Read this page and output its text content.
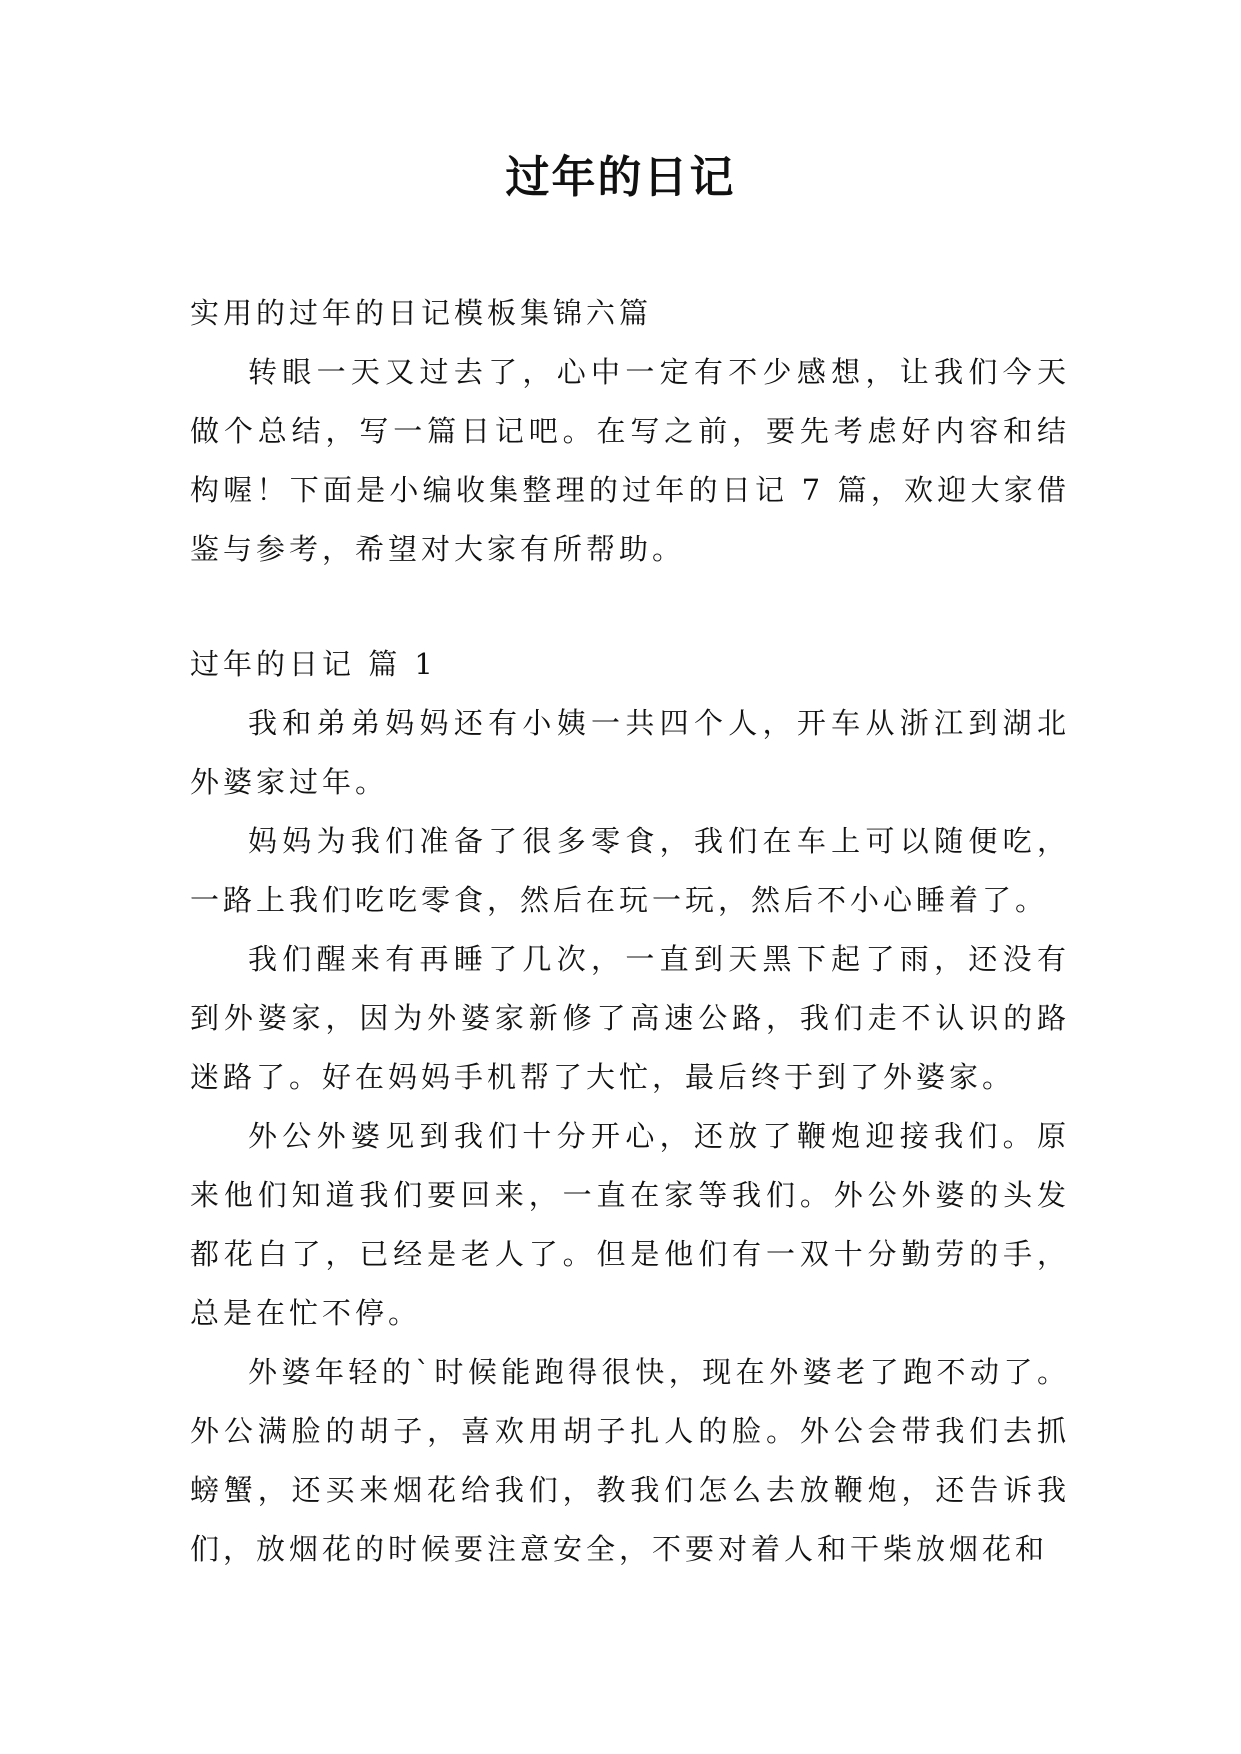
过年的日记

实用的过年的日记模板集锦六篇

转眼一天又过去了，心中一定有不少感想，让我们今天做个总结，写一篇日记吧。在写之前，要先考虑好内容和结构喔！下面是小编收集整理的过年的日记 7 篇，欢迎大家借鉴与参考，希望对大家有所帮助。

过年的日记 篇 1

我和弟弟妈妈还有小姨一共四个人，开车从浙江到湖北外婆家过年。

妈妈为我们准备了很多零食，我们在车上可以随便吃，一路上我们吃吃零食，然后在玩一玩，然后不小心睡着了。

我们醒来有再睡了几次，一直到天黑下起了雨，还没有到外婆家，因为外婆家新修了高速公路，我们走不认识的路迷路了。好在妈妈手机帮了大忙，最后终于到了外婆家。

外公外婆见到我们十分开心，还放了鞭炮迎接我们。原来他们知道我们要回来，一直在家等我们。外公外婆的头发都花白了，已经是老人了。但是他们有一双十分勤劳的手，总是在忙不停。

外婆年轻的`时候能跑得很快，现在外婆老了跑不动了。外公满脸的胡子，喜欢用胡子扎人的脸。外公会带我们去抓螃蟹，还买来烟花给我们，教我们怎么去放鞭炮，还告诉我们，放烟花的时候要注意安全，不要对着人和干柴放烟花和
